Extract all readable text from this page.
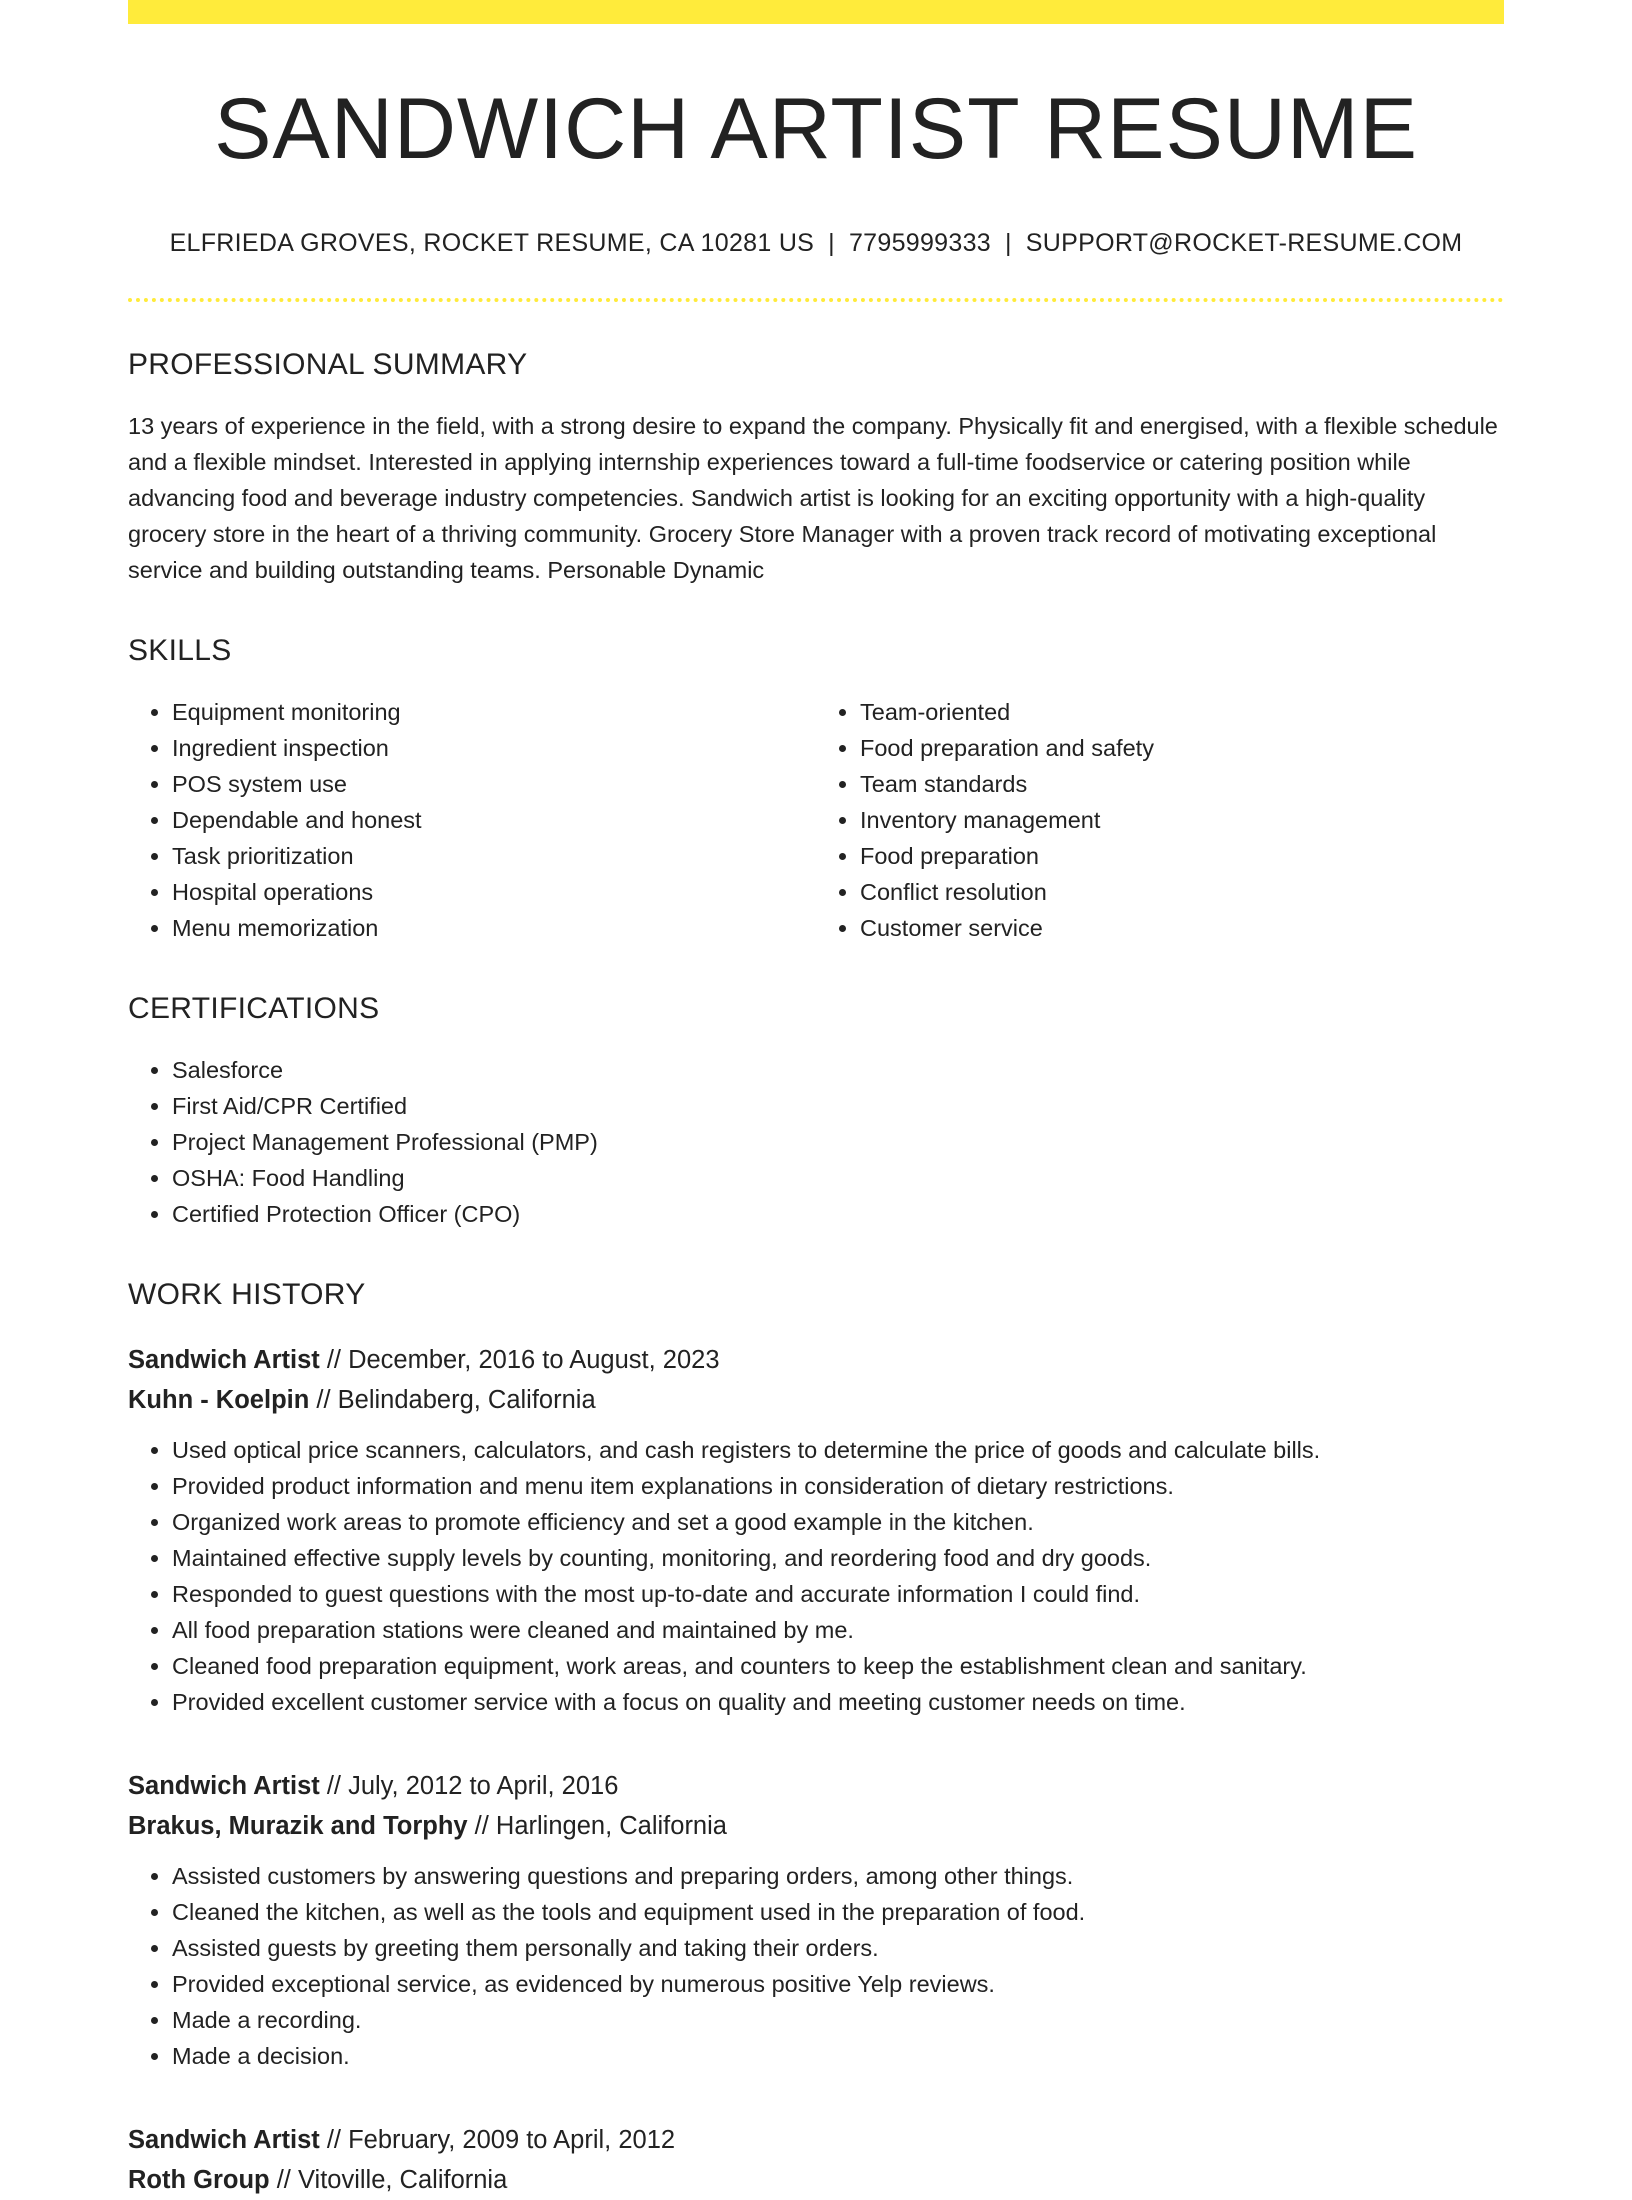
SANDWICH ARTIST RESUME
ELFRIEDA GROVES, ROCKET RESUME, CA 10281 US | 7795999333 | SUPPORT@ROCKET-RESUME.COM
PROFESSIONAL SUMMARY

13 years of experience in the field, with a strong desire to expand the company. Physically fit and energised, with a flexible schedule and a flexible mindset. Interested in applying internship experiences toward a full-time foodservice or catering position while advancing food and beverage industry competencies. Sandwich artist is looking for an exciting opportunity with a high-quality grocery store in the heart of a thriving community. Grocery Store Manager with a proven track record of motivating exceptional service and building outstanding teams. Personable Dynamic

SKILLS
• Equipment monitoring
• Ingredient inspection
• POS system use
• Dependable and honest
• Task prioritization
• Hospital operations
• Menu memorization
• Team-oriented
• Food preparation and safety
• Team standards
• Inventory management
• Food preparation
• Conflict resolution
• Customer service
CERTIFICATIONS
• Salesforce
• First Aid/CPR Certified
• Project Management Professional (PMP)
• OSHA: Food Handling
• Certified Protection Officer (CPO)
WORK HISTORY
Sandwich Artist // December, 2016 to August, 2023
Kuhn - Koelpin // Belindaberg, California
• Used optical price scanners, calculators, and cash registers to determine the price of goods and calculate bills.
• Provided product information and menu item explanations in consideration of dietary restrictions.
• Organized work areas to promote efficiency and set a good example in the kitchen.
• Maintained effective supply levels by counting, monitoring, and reordering food and dry goods.
• Responded to guest questions with the most up-to-date and accurate information I could find.
• All food preparation stations were cleaned and maintained by me.
• Cleaned food preparation equipment, work areas, and counters to keep the establishment clean and sanitary.
• Provided excellent customer service with a focus on quality and meeting customer needs on time.
Sandwich Artist // July, 2012 to April, 2016
Brakus, Murazik and Torphy // Harlingen, California
• Assisted customers by answering questions and preparing orders, among other things.
• Cleaned the kitchen, as well as the tools and equipment used in the preparation of food.
• Assisted guests by greeting them personally and taking their orders.
• Provided exceptional service, as evidenced by numerous positive Yelp reviews.
• Made a recording.
• Made a decision.
Sandwich Artist // February, 2009 to April, 2012
Roth Group // Vitoville, California
